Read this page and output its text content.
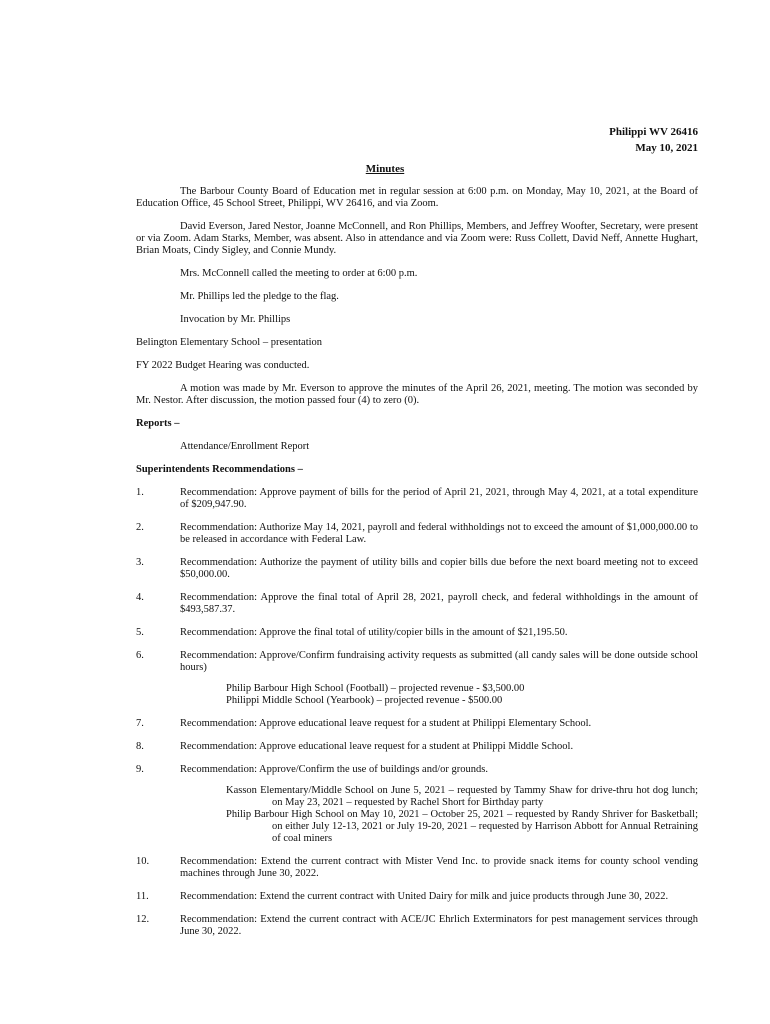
Philippi WV 26416
May 10, 2021
Minutes

The Barbour County Board of Education met in regular session at 6:00 p.m. on Monday, May 10, 2021, at the Board of Education Office, 45 School Street, Philippi, WV 26416, and via Zoom.

David Everson, Jared Nestor, Joanne McConnell, and Ron Phillips, Members, and Jeffrey Woofter, Secretary, were present or via Zoom. Adam Starks, Member, was absent. Also in attendance and via Zoom were: Russ Collett, David Neff, Annette Hughart, Brian Moats, Cindy Sigley, and Connie Mundy.

Mrs. McConnell called the meeting to order at 6:00 p.m.

Mr. Phillips led the pledge to the flag.

Invocation by Mr. Phillips

Belington Elementary School – presentation

FY 2022 Budget Hearing was conducted.

A motion was made by Mr. Everson to approve the minutes of the April 26, 2021, meeting. The motion was seconded by Mr. Nestor. After discussion, the motion passed four (4) to zero (0).

Reports –

Attendance/Enrollment Report

Superintendents Recommendations –

1.	Recommendation: Approve payment of bills for the period of April 21, 2021, through May 4, 2021, at a total expenditure of $209,947.90.
2.	Recommendation: Authorize May 14, 2021, payroll and federal withholdings not to exceed the amount of $1,000,000.00 to be released in accordance with Federal Law.
3.	Recommendation: Authorize the payment of utility bills and copier bills due before the next board meeting not to exceed $50,000.00.
4.	Recommendation: Approve the final total of April 28, 2021, payroll check, and federal withholdings in the amount of $493,587.37.
5.	Recommendation: Approve the final total of utility/copier bills in the amount of $21,195.50.
6.	Recommendation: Approve/Confirm fundraising activity requests as submitted (all candy sales will be done outside school hours)
Philip Barbour High School (Football) – projected revenue - $3,500.00
Philippi Middle School (Yearbook) – projected revenue - $500.00
7.	Recommendation: Approve educational leave request for a student at Philippi Elementary School.
8.	Recommendation: Approve educational leave request for a student at Philippi Middle School.
9.	Recommendation: Approve/Confirm the use of buildings and/or grounds.
Kasson Elementary/Middle School on June 5, 2021 – requested by Tammy Shaw for drive-thru hot dog lunch; on May 23, 2021 – requested by Rachel Short for Birthday party
Philip Barbour High School on May 10, 2021 – October 25, 2021 – requested by Randy Shriver for Basketball; on either July 12-13, 2021 or July 19-20, 2021 – requested by Harrison Abbott for Annual Retraining of coal miners
10.	Recommendation: Extend the current contract with Mister Vend Inc. to provide snack items for county school vending machines through June 30, 2022.
11.	Recommendation: Extend the current contract with United Dairy for milk and juice products through June 30, 2022.
12.	Recommendation: Extend the current contract with ACE/JC Ehrlich Exterminators for pest management services through June 30, 2022.
